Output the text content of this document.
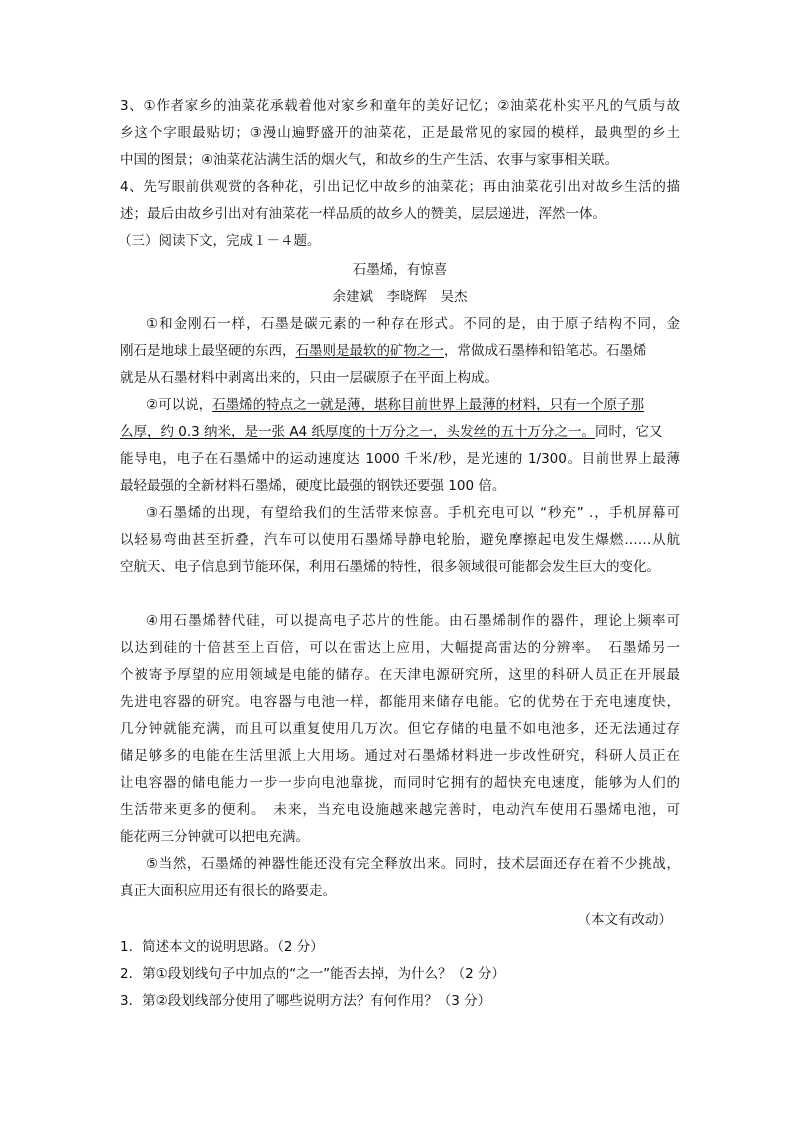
3、①作者家乡的油菜花承载着他对家乡和童年的美好记忆；②油菜花朴实平凡的气质与故
乡这个字眼最贴切；③漫山遍野盛开的油菜花，正是最常见的家园的模样，最典型的乡土
中国的图景；④油菜花沾满生活的烟火气，和故乡的生产生活、农事与家事相关联。
4、先写眼前供观赏的各种花，引出记忆中故乡的油菜花；再由油菜花引出对故乡生活的描
述；最后由故乡引出对有油菜花一样品质的故乡人的赞美，层层递进，浑然一体。
（三）阅读下文，完成１－４题。
石墨烯，有惊喜
余建斌　李晓辉　吴杰
①和金刚石一样，石墨是碳元素的一种存在形式。不同的是，由于原子结构不同，金
刚石是地球上最坚硬的东西，石墨则是最软的矿物之一，常做成石墨棒和铅笔芯。石墨烯
就是从石墨材料中剥离出来的，只由一层碳原子在平面上构成。
②可以说，石墨烯的特点之一就是薄，堪称目前世界上最薄的材料，只有一个原子那
么厚，约 0.3 纳米，是一张 A4 纸厚度的十万分之一，头发丝的五十万分之一。同时，它又
能导电，电子在石墨烯中的运动速度达 1000 千米/秒，是光速的 1/300。目前世界上最薄
最轻最强的全新材料石墨烯，硬度比最强的钢铁还要强 100 倍。
③石墨烯的出现，有望给我们的生活带来惊喜。手机充电可以 “秒充” .，手机屏幕可
以轻易弯曲甚至折叠，汽车可以使用石墨烯导静电轮胎，避免摩擦起电发生爆燃……从航
空航天、电子信息到节能环保，利用石墨烯的特性，很多领域很可能都会发生巨大的变化。
④用石墨烯替代硅，可以提高电子芯片的性能。由石墨烯制作的器件，理论上频率可
以达到硅的十倍甚至上百倍，可以在雷达上应用，大幅提高雷达的分辨率。　石墨烯另一
个被寄予厚望的应用领域是电能的储存。在天津电源研究所，这里的科研人员正在开展最
先进电容器的研究。电容器与电池一样，都能用来储存电能。它的优势在于充电速度快，
几分钟就能充满，而且可以重复使用几万次。但它存储的电量不如电池多，还无法通过存
储足够多的电能在生活里派上大用场。通过对石墨烯材料进一步改性研究，科研人员正在
让电容器的储电能力一步一步向电池靠拢，而同时它拥有的超快充电速度，能够为人们的
生活带来更多的便利。　未来，当充电设施越来越完善时，电动汽车使用石墨烯电池，可
能花两三分钟就可以把电充满。
⑤当然，石墨烯的神器性能还没有完全释放出来。同时，技术层面还存在着不少挑战，
真正大面积应用还有很长的路要走。
（本文有改动）
1．简述本文的说明思路。（2 分）
2．第①段划线句子中加点的“之一”能否去掉，为什么？（2 分）
3．第②段划线部分使用了哪些说明方法？有何作用？（3 分）
